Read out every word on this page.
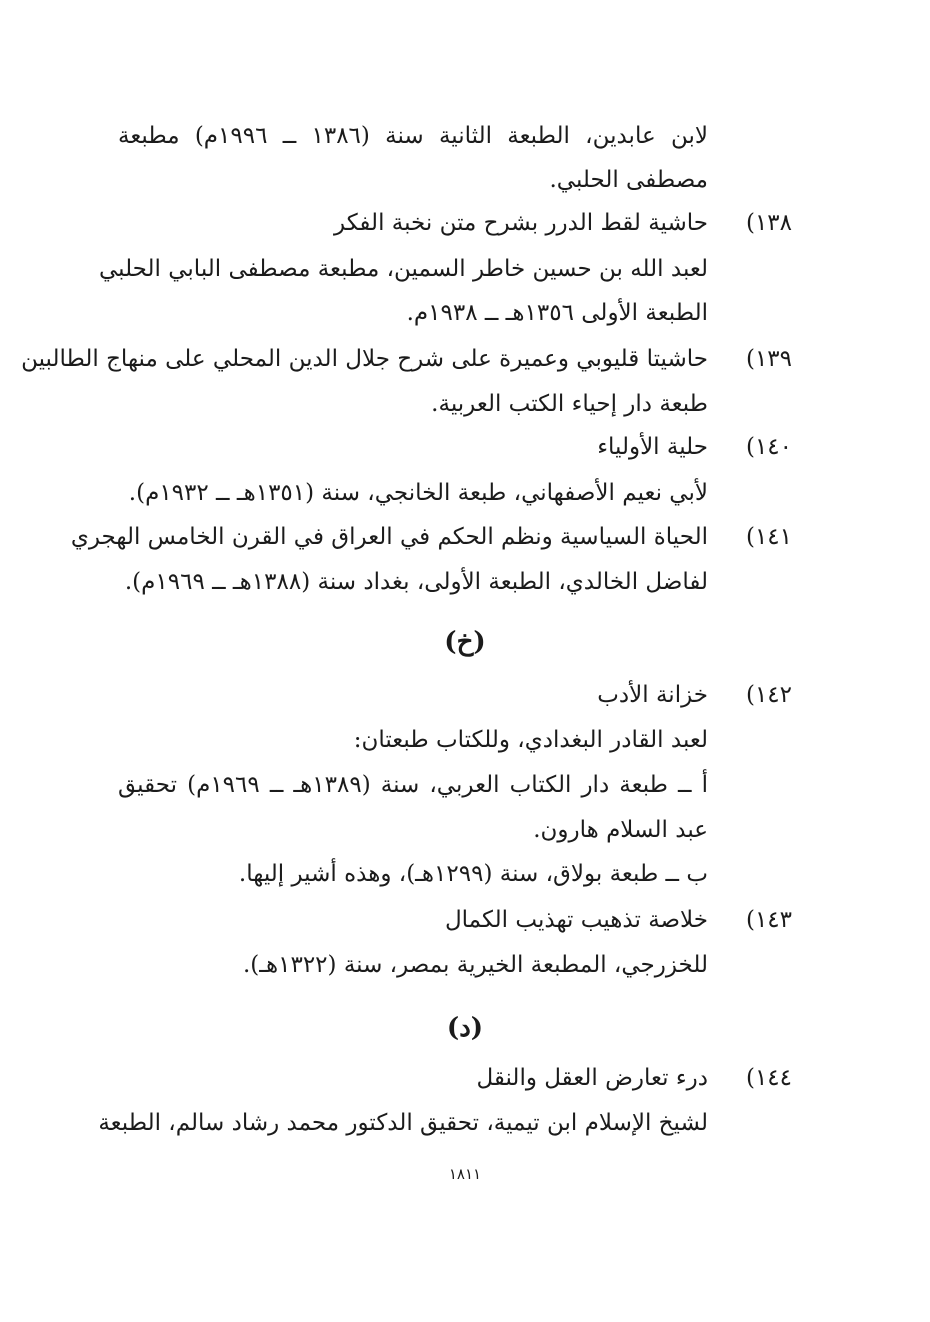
لابن عابدين، الطبعة الثانية سنة (١٣٨٦ ــ ١٩٩٦م) مطبعة
مصطفى الحلبي.
١٣٨)
حاشية لقط الدرر بشرح متن نخبة الفكر
لعبد الله بن حسين خاطر السمين، مطبعة مصطفى البابي الحلبي
الطبعة الأولى ١٣٥٦هـ ــ ١٩٣٨م.
١٣٩)
حاشيتا قليوبي وعميرة على شرح جلال الدين المحلي على منهاج الطالبين
طبعة دار إحياء الكتب العربية.
١٤٠)
حلية الأولياء
لأبي نعيم الأصفهاني، طبعة الخانجي، سنة (١٣٥١هـ ــ ١٩٣٢م).
١٤١)
الحياة السياسية ونظم الحكم في العراق في القرن الخامس الهجري
لفاضل الخالدي، الطبعة الأولى، بغداد سنة (١٣٨٨هـ ــ ١٩٦٩م).
(خ)
١٤٢)
خزانة الأدب
لعبد القادر البغدادي، وللكتاب طبعتان:
أ ــ طبعة دار الكتاب العربي، سنة (١٣٨٩هـ ــ ١٩٦٩م) تحقيق
عبد السلام هارون.
ب ــ طبعة بولاق، سنة (١٢٩٩هـ)، وهذه أشير إليها.
١٤٣)
خلاصة تذهيب تهذيب الكمال
للخزرجي، المطبعة الخيرية بمصر، سنة (١٣٢٢هـ).
(د)
١٤٤)
درء تعارض العقل والنقل
لشيخ الإسلام ابن تيمية، تحقيق الدكتور محمد رشاد سالم، الطبعة
١٨١١
